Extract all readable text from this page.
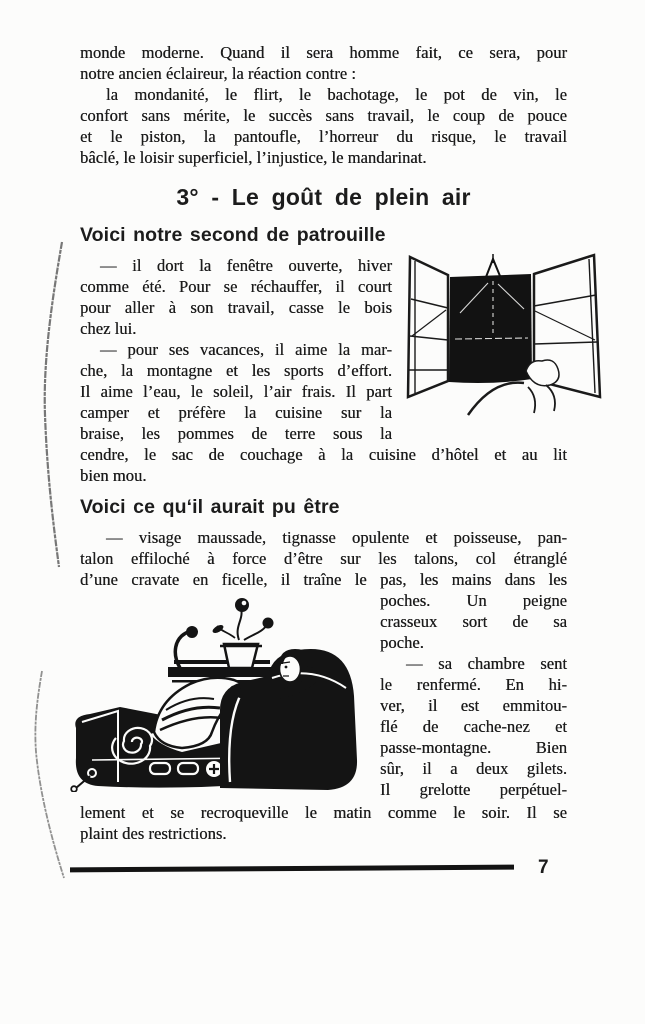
monde moderne. Quand il sera homme fait, ce sera, pour
notre ancien éclaireur, la réaction contre :
la mondanité, le flirt, le bachotage, le pot de vin, le
confort sans mérite, le succès sans travail, le coup de pouce
et le piston, la pantoufle, l’horreur du risque, le travail
bâclé, le loisir superficiel, l’injustice, le mandarinat.
3° - Le goût de plein air
Voici notre second de patrouille
— il dort la fenêtre ouverte, hiver
comme été. Pour se réchauffer, il court
pour aller à son travail, casse le bois
chez lui.
— pour ses vacances, il aime la mar-
che, la montagne et les sports d’effort.
Il aime l’eau, le soleil, l’air frais. Il part
camper et préfère la cuisine sur la
braise, les pommes de terre sous la
cendre, le sac de couchage à la cuisine d’hôtel et au lit
bien mou.
Voici ce qu‘il aurait pu être
— visage maussade, tignasse opulente et poisseuse, pan-
talon effiloché à force d’être sur les talons, col étranglé
d’une cravate en ficelle, il traîne le pas, les mains dans les
poches. Un peigne
crasseux sort de sa
poche.
— sa chambre sent
le renfermé. En hi-
ver, il est emmitou-
flé de cache-nez et
passe-montagne. Bien
sûr, il a deux gilets.
Il grelotte perpétuel-
lement et se recroqueville le matin comme le soir. Il se
plaint des restrictions.
7
